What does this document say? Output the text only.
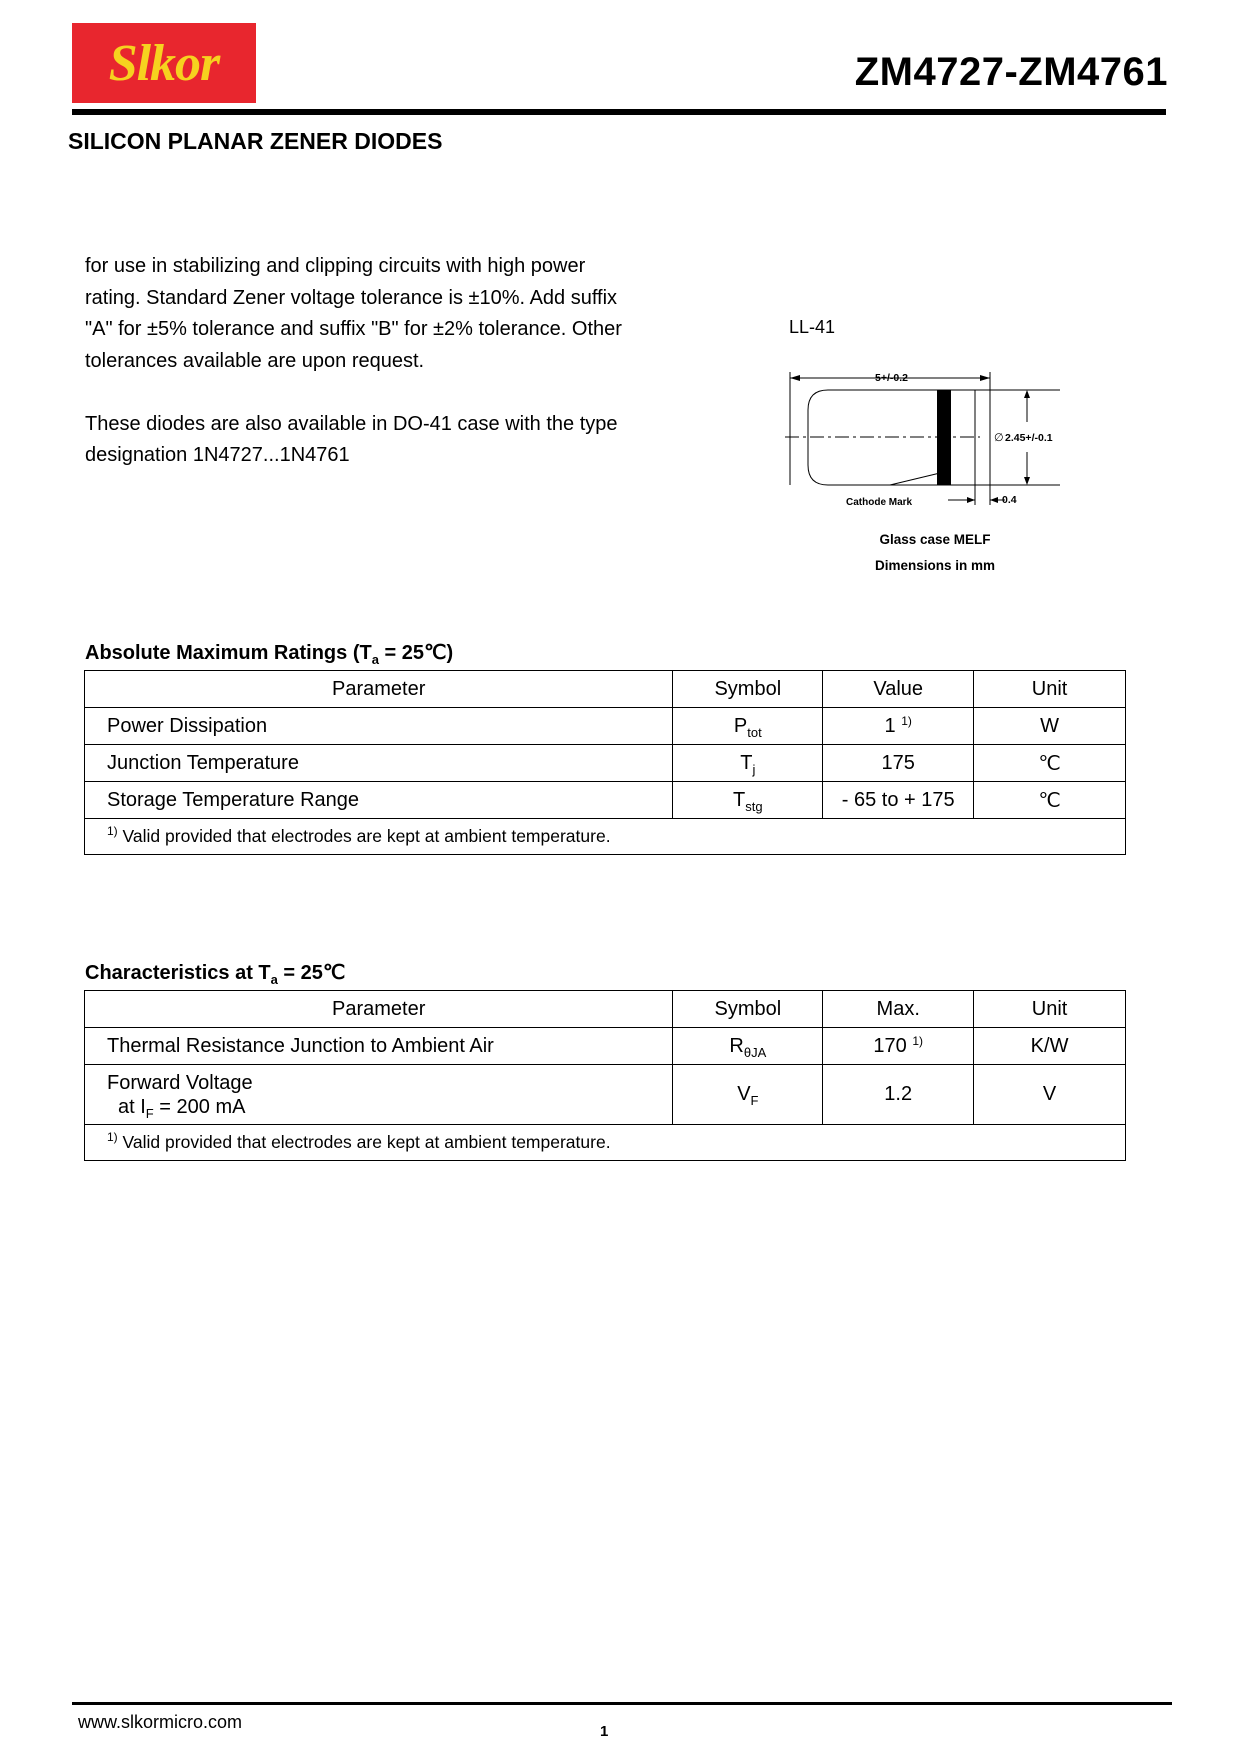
Slkor	ZM4727-ZM4761
SILICON PLANAR ZENER DIODES

for use in stabilizing and clipping circuits with high power rating. Standard Zener voltage tolerance is ±10%. Add suffix "A" for ±5% tolerance and suffix "B" for ±2% tolerance. Other tolerances available are upon request.

These diodes are also available in DO-41 case with the type designation 1N4727...1N4761

LL-41
5+/-0.2
∅ 2.45+/-0.1
0.4
Cathode Mark
Glass case MELF
Dimensions in mm
Absolute Maximum Ratings ($T_a$ = 25℃)
Parameter	Symbol	Value	Unit
Power Dissipation	$P_{tot}$	1 $^{1)}$	W
Junction Temperature	$T_j$	175	℃
Storage Temperature Range	$T_{stg}$	- 65 to + 175	℃
$^{1)}$ Valid provided that electrodes are kept at ambient temperature.			
Characteristics at $T_a$ = 25℃
Parameter	Symbol	Max.	Unit
Thermal Resistance Junction to Ambient Air	$R_{\theta JA}$	170 $^{1)}$	K/W

Forward Voltage
at $I_F = 200$ mA	$V_F$	1.2	V
$^{1)}$ Valid provided that electrodes are kept at ambient temperature.			
www.slkormicro.com	1
